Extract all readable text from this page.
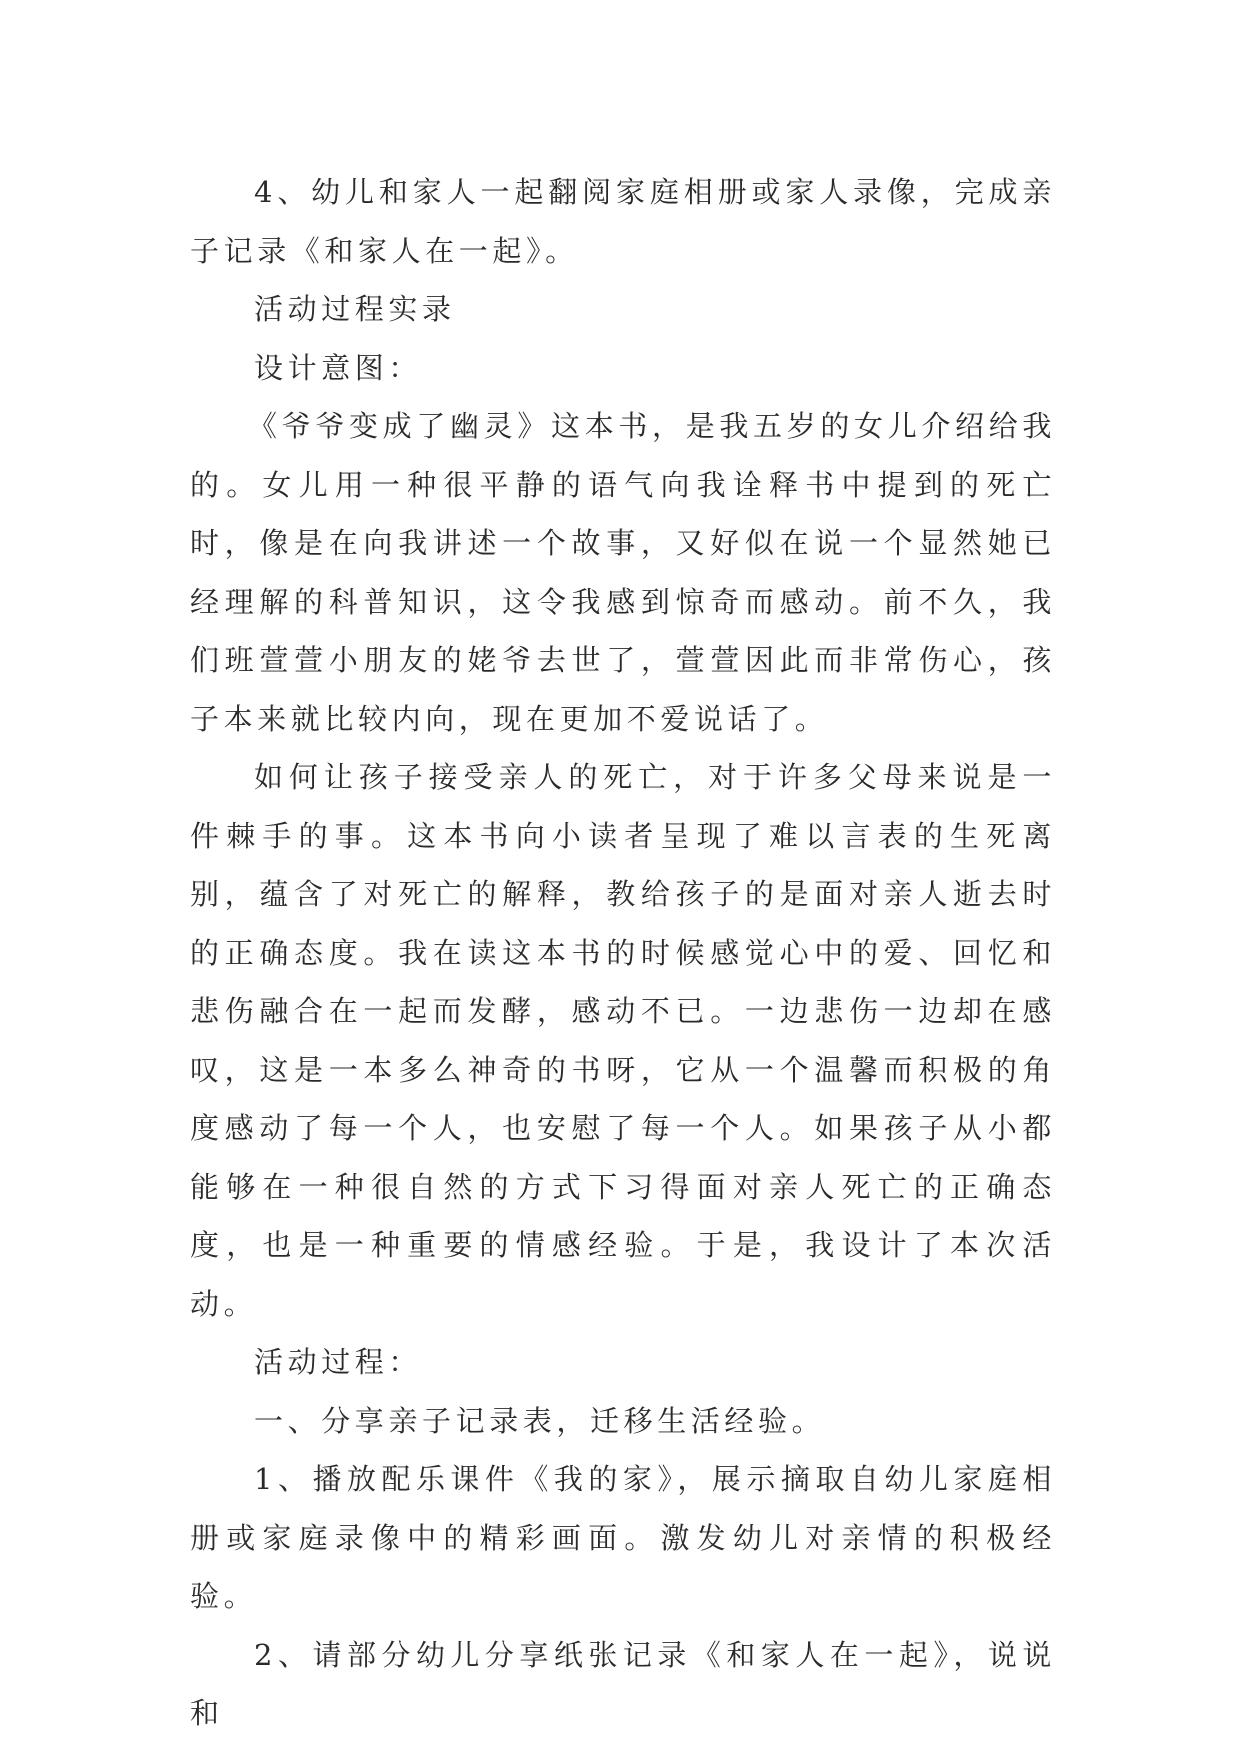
4、幼儿和家人一起翻阅家庭相册或家人录像，完成亲子记录《和家人在一起》。

活动过程实录

设计意图：

《爷爷变成了幽灵》这本书，是我五岁的女儿介绍给我的。女儿用一种很平静的语气向我诠释书中提到的死亡时，像是在向我讲述一个故事，又好似在说一个显然她已经理解的科普知识，这令我感到惊奇而感动。前不久，我们班萱萱小朋友的姥爷去世了，萱萱因此而非常伤心，孩子本来就比较内向，现在更加不爱说话了。

如何让孩子接受亲人的死亡，对于许多父母来说是一件棘手的事。这本书向小读者呈现了难以言表的生死离别，蕴含了对死亡的解释，教给孩子的是面对亲人逝去时的正确态度。我在读这本书的时候感觉心中的爱、回忆和悲伤融合在一起而发酵，感动不已。一边悲伤一边却在感叹，这是一本多么神奇的书呀，它从一个温馨而积极的角度感动了每一个人，也安慰了每一个人。如果孩子从小都能够在一种很自然的方式下习得面对亲人死亡的正确态度，也是一种重要的情感经验。于是，我设计了本次活动。

活动过程：

一、分享亲子记录表，迁移生活经验。

1、播放配乐课件《我的家》，展示摘取自幼儿家庭相册或家庭录像中的精彩画面。激发幼儿对亲情的积极经验。

2、请部分幼儿分享纸张记录《和家人在一起》，说说和
